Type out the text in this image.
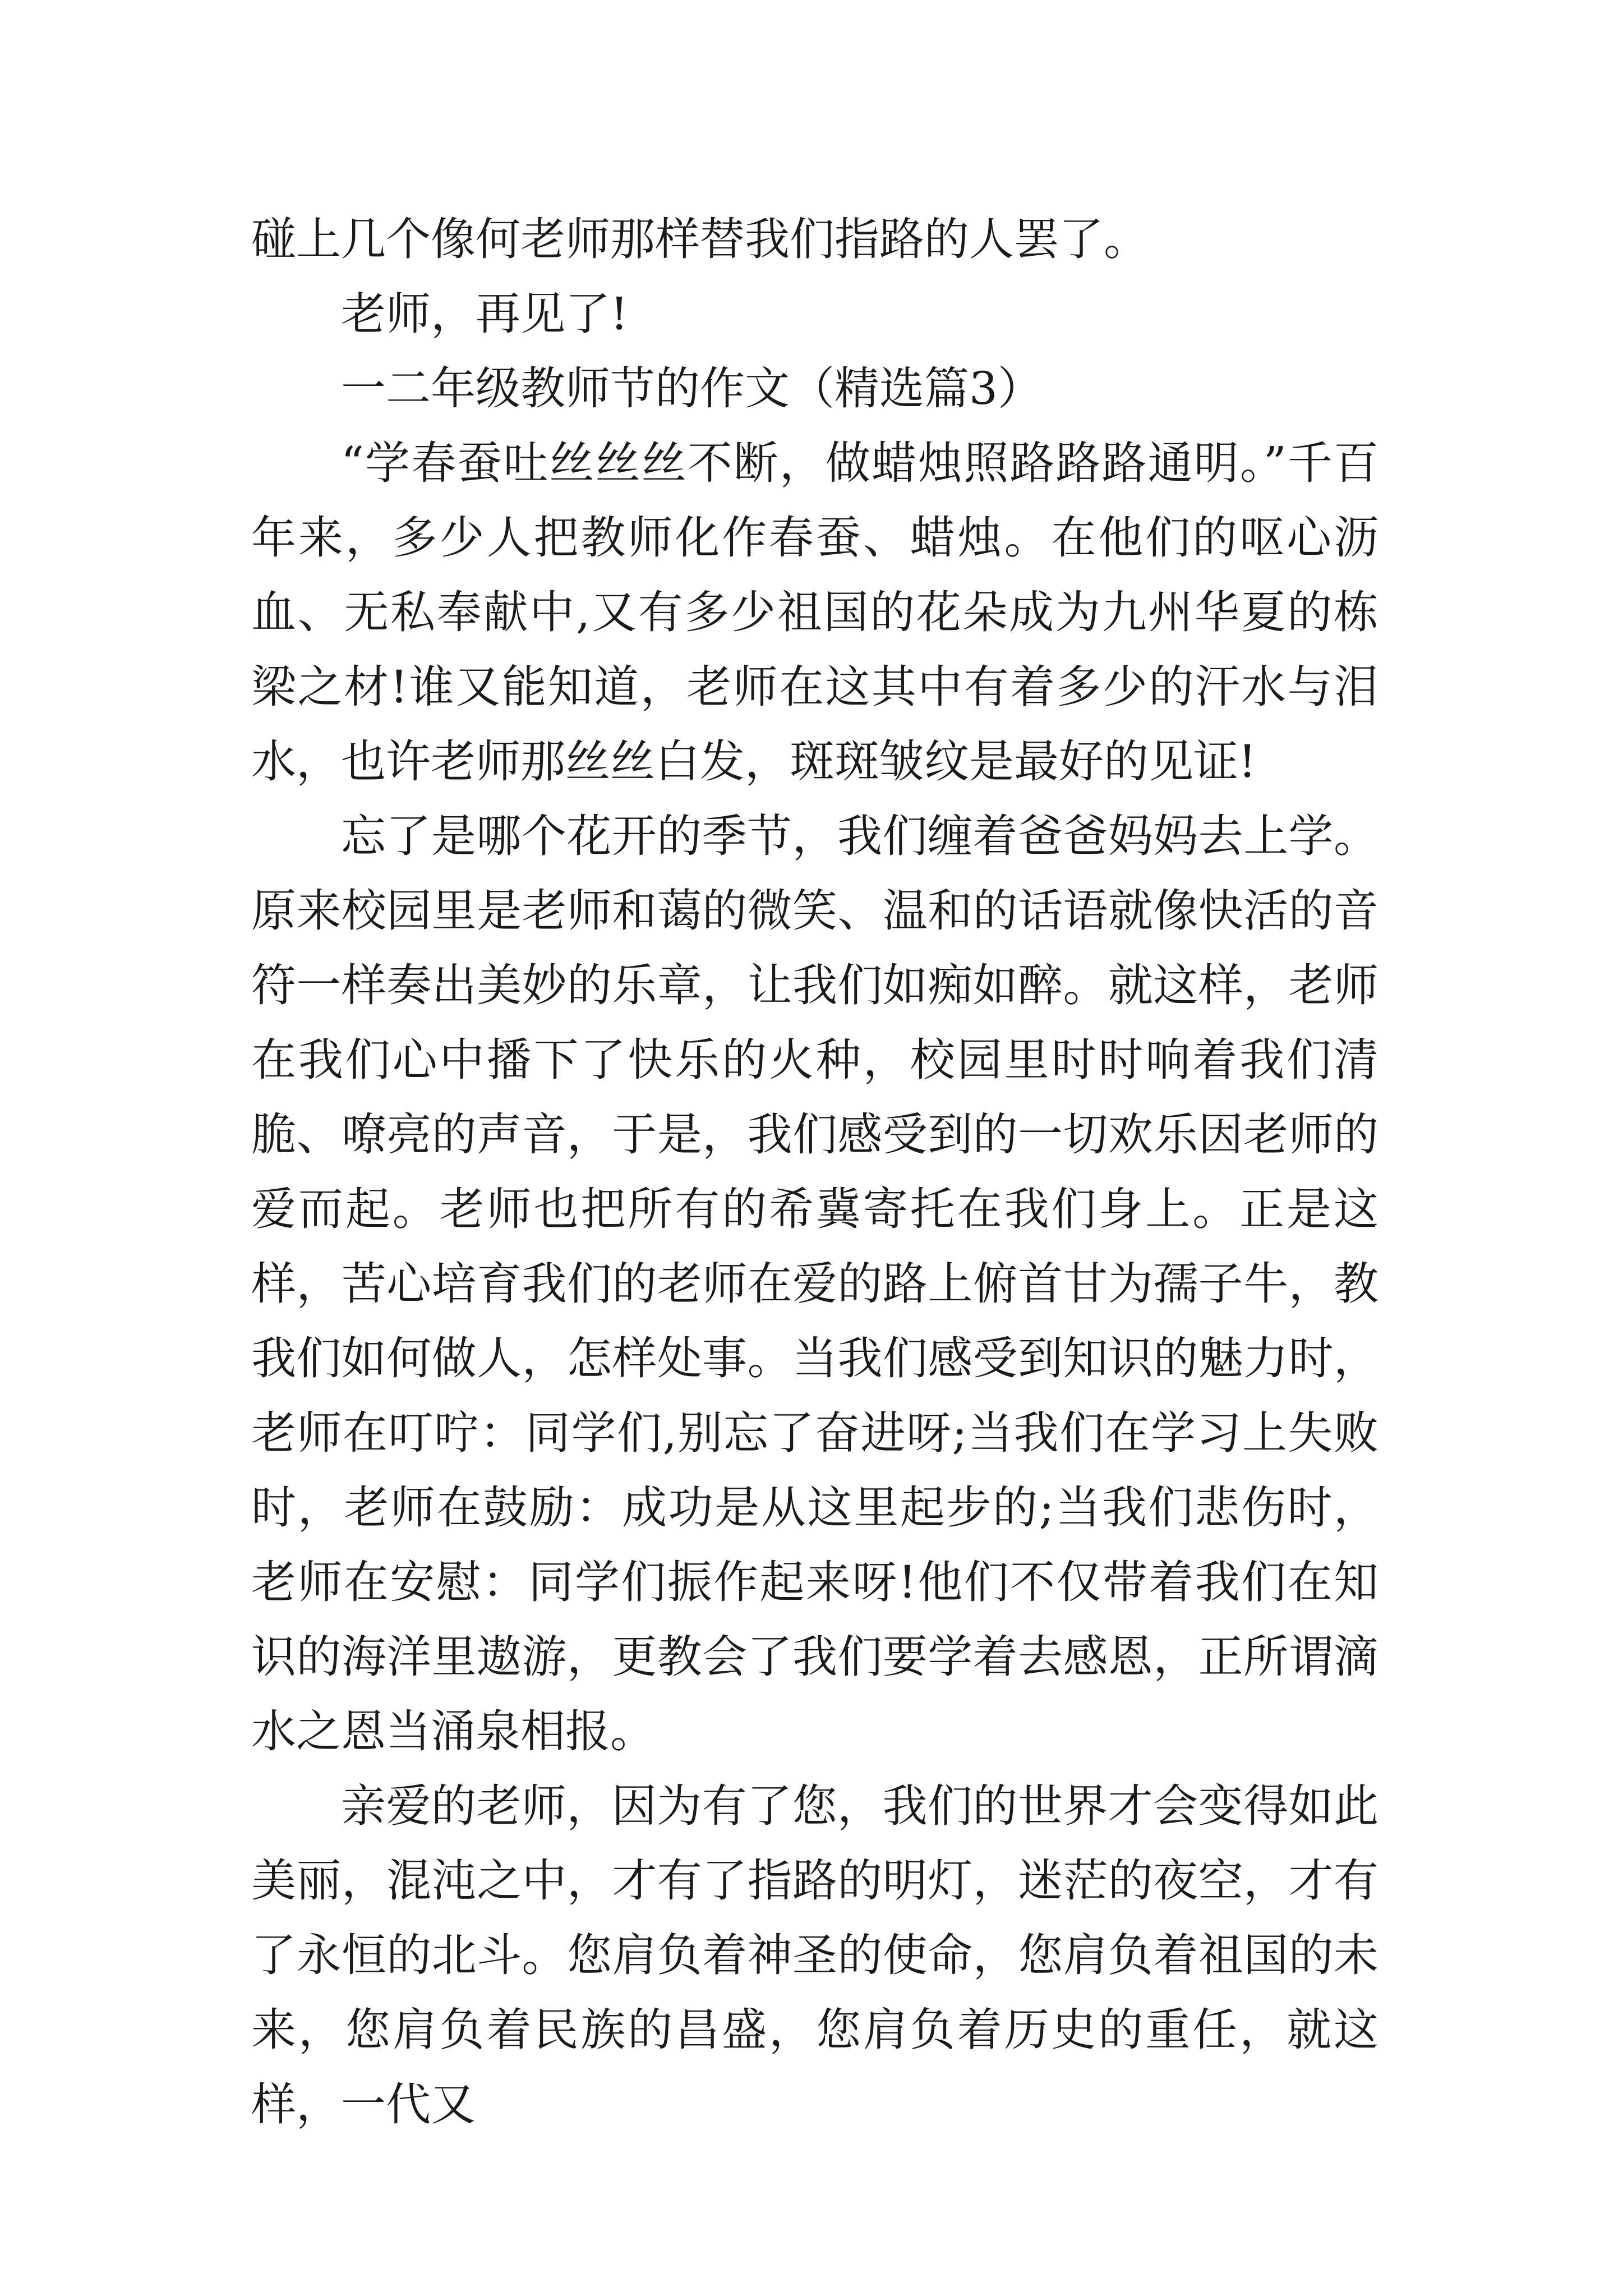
碰上几个像何老师那样替我们指路的人罢了。

老师，再见了!

一二年级教师节的作文（精选篇3）

“学春蚕吐丝丝丝不断，做蜡烛照路路路通明。”千百年来，多少人把教师化作春蚕、蜡烛。在他们的呕心沥血、无私奉献中,又有多少祖国的花朵成为九州华夏的栋梁之材!谁又能知道，老师在这其中有着多少的汗水与泪水，也许老师那丝丝白发，斑斑皱纹是最好的见证!

忘了是哪个花开的季节，我们缠着爸爸妈妈去上学。原来校园里是老师和蔼的微笑、温和的话语就像快活的音符一样奏出美妙的乐章，让我们如痴如醉。就这样，老师在我们心中播下了快乐的火种，校园里时时响着我们清脆、嘹亮的声音，于是，我们感受到的一切欢乐因老师的爱而起。老师也把所有的希冀寄托在我们身上。正是这样，苦心培育我们的老师在爱的路上俯首甘为孺子牛，教我们如何做人，怎样处事。当我们感受到知识的魅力时，老师在叮咛：同学们,别忘了奋进呀;当我们在学习上失败时，老师在鼓励：成功是从这里起步的;当我们悲伤时，老师在安慰：同学们振作起来呀!他们不仅带着我们在知识的海洋里遨游，更教会了我们要学着去感恩，正所谓滴水之恩当涌泉相报。

亲爱的老师，因为有了您，我们的世界才会变得如此美丽，混沌之中，才有了指路的明灯，迷茫的夜空，才有了永恒的北斗。您肩负着神圣的使命，您肩负着祖国的未来，您肩负着民族的昌盛，您肩负着历史的重任，就这样，一代又
